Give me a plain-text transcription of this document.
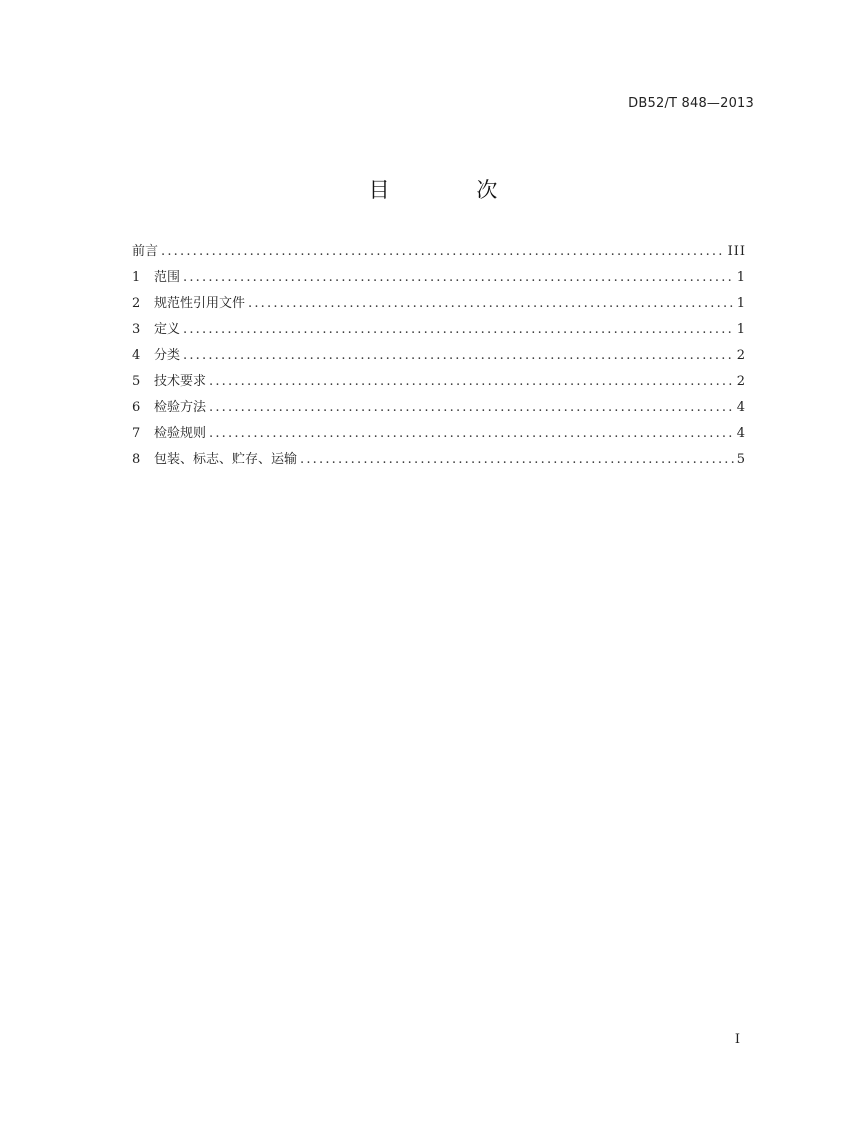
DB52/T 848—2013
目 次
前言 .....	III
1	范围 .....	1
2	规范性引用文件 .....	1
3	定义 .....	1
4	分类 .....	2
5	技术要求 .....	2
6	检验方法 .....	4
7	检验规则 .....	4
8	包装、标志、贮存、运输 .....	5
I
